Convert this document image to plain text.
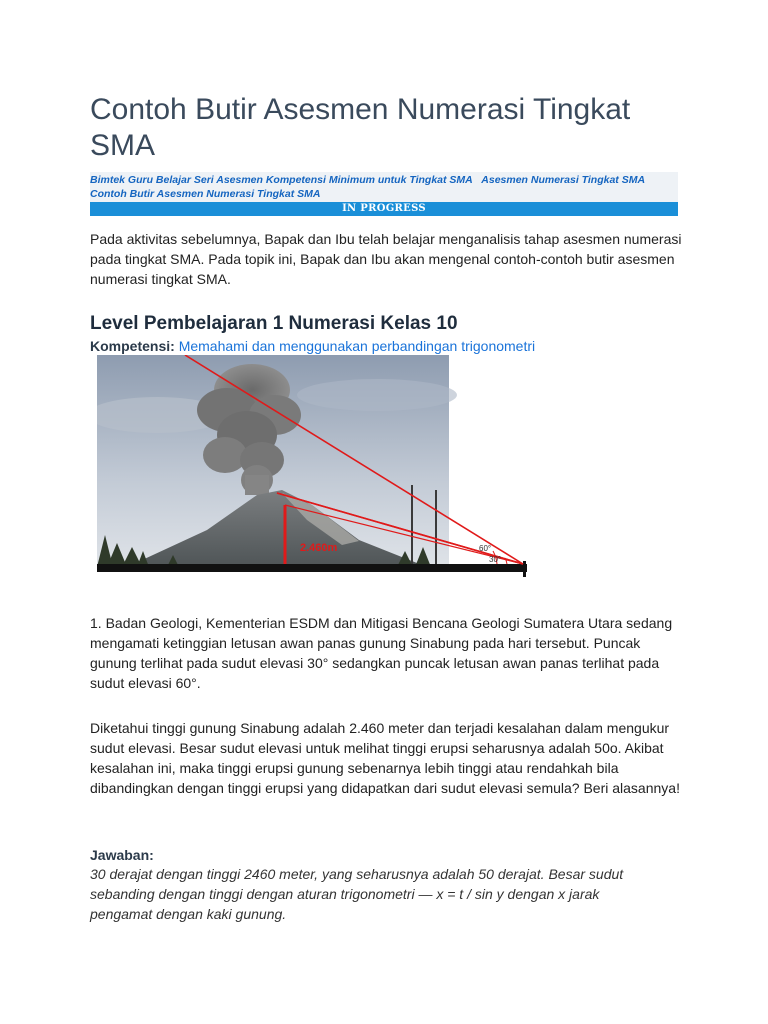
Contoh Butir Asesmen Numerasi Tingkat SMA
Bimtek Guru Belajar Seri Asesmen Kompetensi Minimum untuk Tingkat SMA Asesmen Numerasi Tingkat SMA Contoh Butir Asesmen Numerasi Tingkat SMA
IN PROGRESS

Pada aktivitas sebelumnya, Bapak dan Ibu telah belajar menganalisis tahap asesmen numerasi pada tingkat SMA. Pada topik ini, Bapak dan Ibu akan mengenal contoh-contoh butir asesmen numerasi tingkat SMA.

Level Pembelajaran 1 Numerasi Kelas 10
Kompetensi: Memahami dan menggunakan perbandingan trigonometri
2.460m	60°
30°

1. Badan Geologi, Kementerian ESDM dan Mitigasi Bencana Geologi Sumatera Utara sedang mengamati ketinggian letusan awan panas gunung Sinabung pada hari tersebut. Puncak gunung terlihat pada sudut elevasi 30° sedangkan puncak letusan awan panas terlihat pada sudut elevasi 60°.

Diketahui tinggi gunung Sinabung adalah 2.460 meter dan terjadi kesalahan dalam mengukur sudut elevasi. Besar sudut elevasi untuk melihat tinggi erupsi seharusnya adalah 50o. Akibat kesalahan ini, maka tinggi erupsi gunung sebenarnya lebih tinggi atau rendahkah bila dibandingkan dengan tinggi erupsi yang didapatkan dari sudut elevasi semula? Beri alasannya!

Jawaban:
30 derajat dengan tinggi 2460 meter, yang seharusnya adalah 50 derajat. Besar sudut sebanding dengan tinggi dengan aturan trigonometri — x = t / sin y dengan x jarak pengamat dengan kaki gunung.
